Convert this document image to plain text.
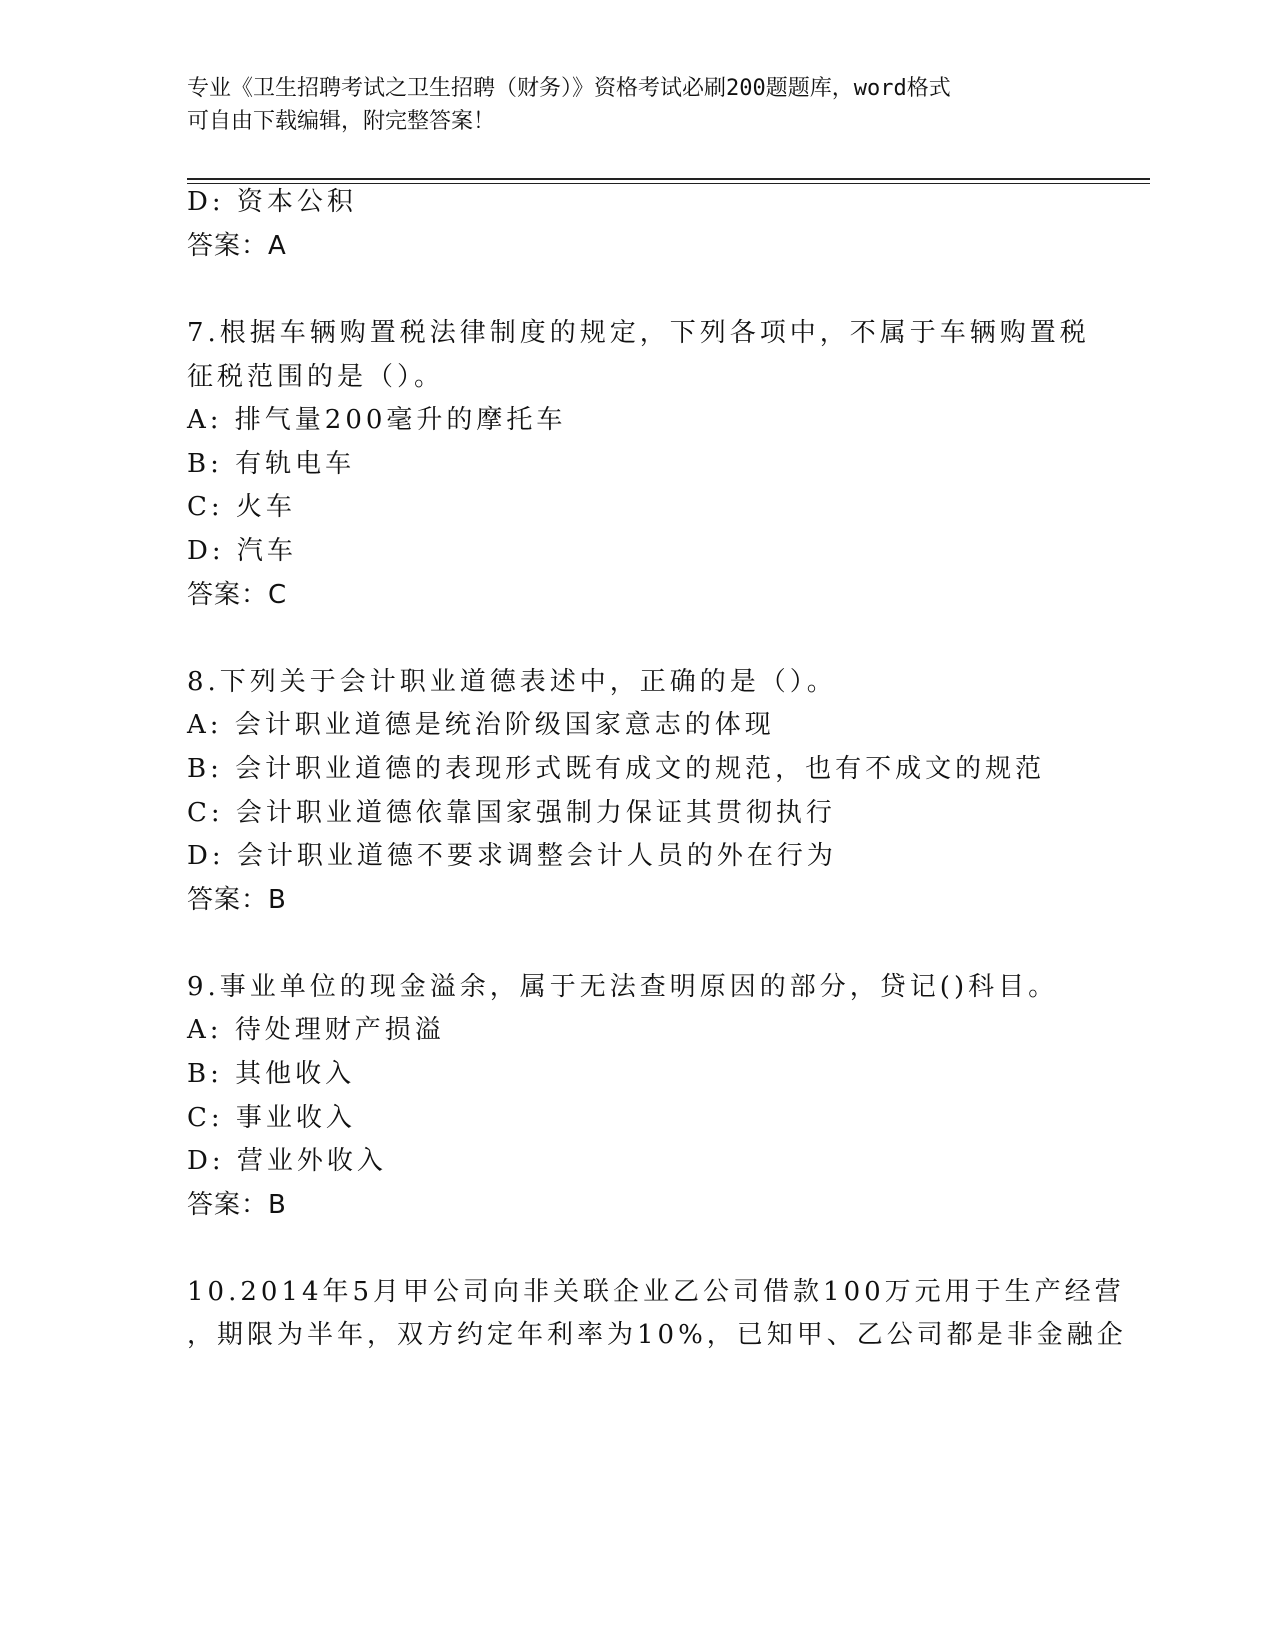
专业《卫生招聘考试之卫生招聘（财务）》资格考试必刷200题题库，word格式
可自由下载编辑，附完整答案！
D: 资本公积
答案：A
7.根据车辆购置税法律制度的规定，下列各项中，不属于车辆购置税
征税范围的是（）。
A: 排气量200毫升的摩托车
B: 有轨电车
C: 火车
D: 汽车
答案：C
8.下列关于会计职业道德表述中，正确的是（）。
A: 会计职业道德是统治阶级国家意志的体现
B: 会计职业道德的表现形式既有成文的规范，也有不成文的规范
C: 会计职业道德依靠国家强制力保证其贯彻执行
D: 会计职业道德不要求调整会计人员的外在行为
答案：B
9.事业单位的现金溢余，属于无法查明原因的部分，贷记()科目。
A: 待处理财产损溢
B: 其他收入
C: 事业收入
D: 营业外收入
答案：B
10.2014年5月甲公司向非关联企业乙公司借款100万元用于生产经营
，期限为半年，双方约定年利率为10%，已知甲、乙公司都是非金融企
